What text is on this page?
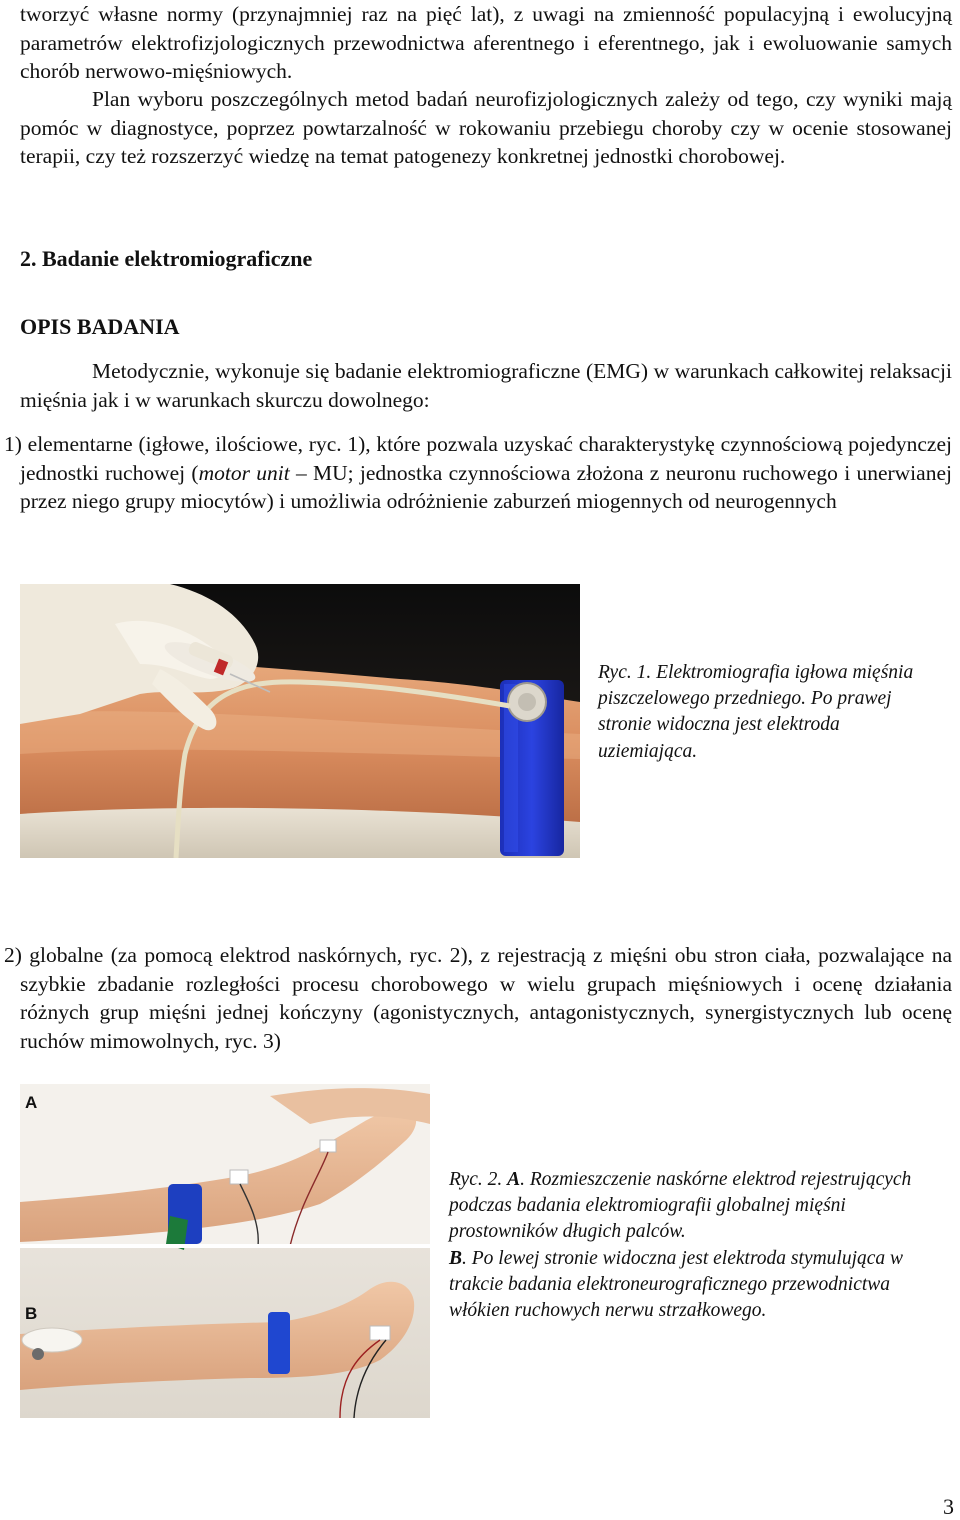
tworzyć własne normy (przynajmniej raz na pięć lat), z uwagi na zmienność populacyjną i ewolucyjną parametrów elektrofizjologicznych przewodnictwa aferentnego i eferentnego, jak i ewoluowanie samych chorób nerwowo-mięśniowych.

Plan wyboru poszczególnych metod badań neurofizjologicznych zależy od tego, czy wyniki mają pomóc w diagnostyce, poprzez powtarzalność w rokowaniu przebiegu choroby czy w ocenie stosowanej terapii, czy też rozszerzyć wiedzę na temat patogenezy konkretnej jednostki chorobowej.

2. Badanie elektromiograficzne
OPIS BADANIA

Metodycznie, wykonuje się badanie elektromiograficzne (EMG) w warunkach całkowitej relaksacji mięśnia jak i w warunkach skurczu dowolnego:

1) elementarne (igłowe, ilościowe, ryc. 1), które pozwala uzyskać charakterystykę czynnościową pojedynczej jednostki ruchowej (motor unit – MU; jednostka czynnościowa złożona z neuronu ruchowego i unerwianej przez niego grupy miocytów) i umożliwia odróżnienie zaburzeń miogennych od neurogennych

Ryc. 1. Elektromiografia igłowa mięśnia piszczelowego przedniego. Po prawej stronie widoczna jest elektroda uziemiająca.

2) globalne (za pomocą elektrod naskórnych, ryc. 2), z rejestracją z mięśni obu stron ciała, pozwalające na szybkie zbadanie rozległości procesu chorobowego w wielu grupach mięśniowych i ocenę działania różnych grup mięśni jednej kończyny (agonistycznych, antagonistycznych, synergistycznych lub ocenę ruchów mimowolnych, ryc. 3)

A
B
Ryc. 2. A. Rozmieszczenie naskórne elektrod rejestrujących podczas badania elektromiografii globalnej mięśni prostowników długich palców.
B. Po lewej stronie widoczna jest elektroda stymulująca w trakcie badania elektroneurograficznego przewodnictwa włókien ruchowych nerwu strzałkowego.
3
